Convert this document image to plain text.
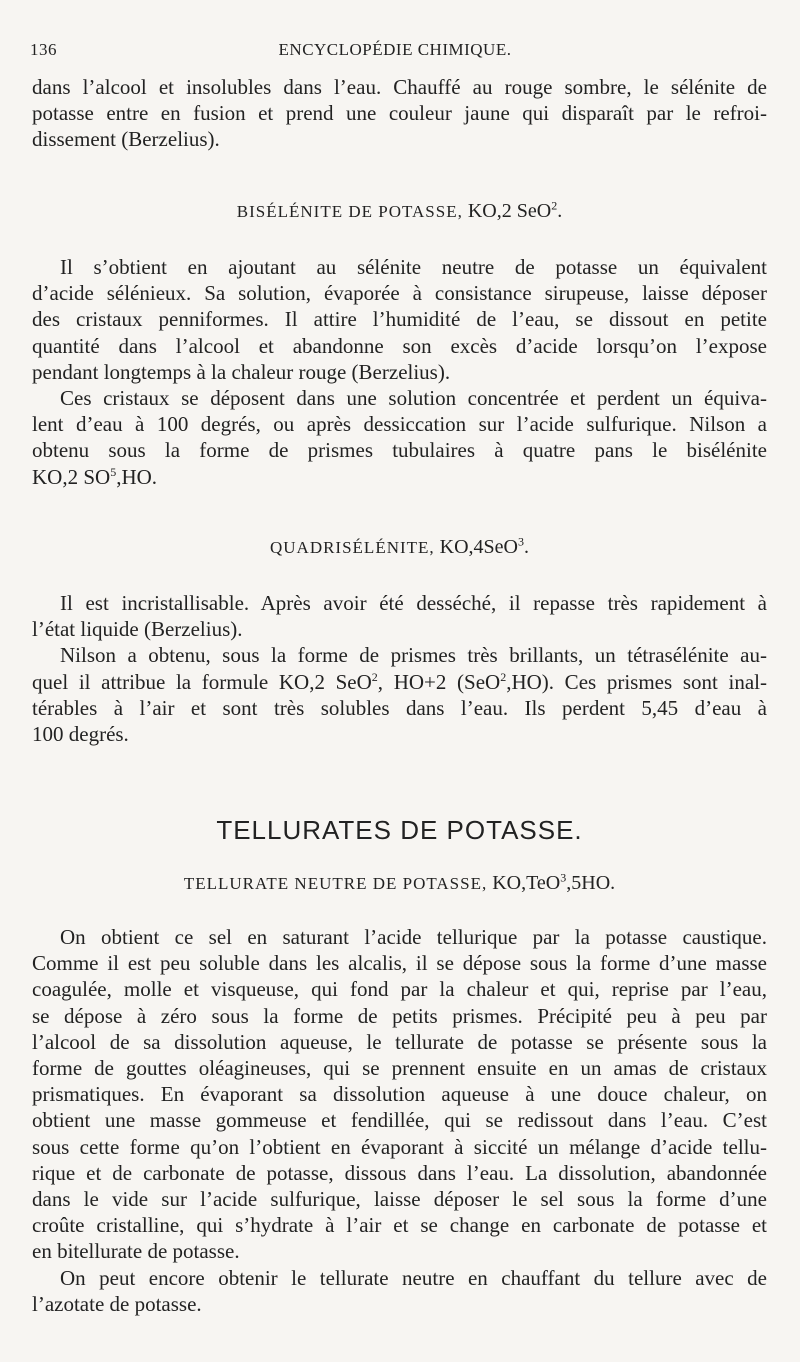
136	ENCYCLOPÉDIE CHIMIQUE.

dans l’alcool et insolubles dans l’eau. Chauffé au rouge sombre, le sélénite de

potasse entre en fusion et prend une couleur jaune qui disparaît par le refroi-

dissement (Berzelius).

BISÉLÉNITE DE POTASSE, KO,2 SeO$^2$.

Il s’obtient en ajoutant au sélénite neutre de potasse un équivalent

d’acide sélénieux. Sa solution, évaporée à consistance sirupeuse, laisse déposer

des cristaux penniformes. Il attire l’humidité de l’eau, se dissout en petite

quantité dans l’alcool et abandonne son excès d’acide lorsqu’on l’expose

pendant longtemps à la chaleur rouge (Berzelius).

Ces cristaux se déposent dans une solution concentrée et perdent un équiva-

lent d’eau à 100 degrés, ou après dessiccation sur l’acide sulfurique. Nilson a

obtenu sous la forme de prismes tubulaires à quatre pans le bisélénite

KO,2 $SO^5,HO$.

QUADRISÉLÉNITE, KO,4SeO$^3$.

Il est incristallisable. Après avoir été desséché, il repasse très rapidement à

l’état liquide (Berzelius).

Nilson a obtenu, sous la forme de prismes très brillants, un tétrasélénite au-

quel il attribue la formule KO,2 SeO$^2$, HO+2 (SeO$^2$,HO). Ces prismes sont inal-

térables à l’air et sont très solubles dans l’eau. Ils perdent 5,45 d’eau à

100 degrés.

TELLURATES DE POTASSE.

TELLURATE NEUTRE DE POTASSE, KO,TeO$^3$,5HO.

On obtient ce sel en saturant l’acide tellurique par la potasse caustique.

Comme il est peu soluble dans les alcalis, il se dépose sous la forme d’une masse

coagulée, molle et visqueuse, qui fond par la chaleur et qui, reprise par l’eau,

se dépose à zéro sous la forme de petits prismes. Précipité peu à peu par

l’alcool de sa dissolution aqueuse, le tellurate de potasse se présente sous la

forme de gouttes oléagineuses, qui se prennent ensuite en un amas de cristaux

prismatiques. En évaporant sa dissolution aqueuse à une douce chaleur, on

obtient une masse gommeuse et fendillée, qui se redissout dans l’eau. C’est

sous cette forme qu’on l’obtient en évaporant à siccité un mélange d’acide tellu-

rique et de carbonate de potasse, dissous dans l’eau. La dissolution, abandonnée

dans le vide sur l’acide sulfurique, laisse déposer le sel sous la forme d’une

croûte cristalline, qui s’hydrate à l’air et se change en carbonate de potasse et

en bitellurate de potasse.

On peut encore obtenir le tellurate neutre en chauffant du tellure avec de

l’azotate de potasse.
